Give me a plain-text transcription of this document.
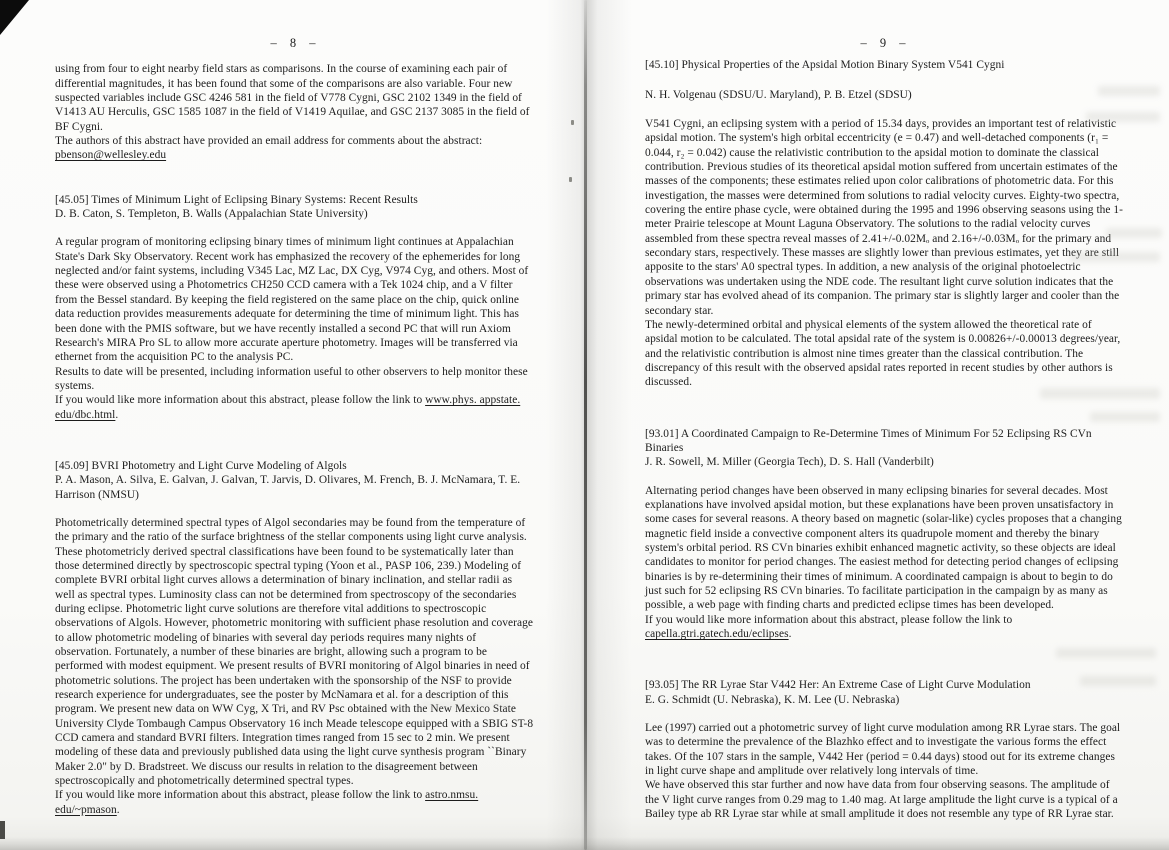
– 8 –

using from four to eight nearby field stars as comparisons. In the course of examining each pair of differential magnitudes, it has been found that some of the comparisons are also variable. Four new suspected variables include GSC 4246 581 in the field of V778 Cygni, GSC 2102 1349 in the field of V1413 AU Herculis, GSC 1585 1087 in the field of V1419 Aquilae, and GSC 2137 3085 in the field of BF Cygni.

The authors of this abstract have provided an email address for comments about the abstract:

pbenson@wellesley.edu

[45.05] Times of Minimum Light of Eclipsing Binary Systems: Recent Results

D. B. Caton, S. Templeton, B. Walls (Appalachian State University)

A regular program of monitoring eclipsing binary times of minimum light continues at Appalachian State's Dark Sky Observatory. Recent work has emphasized the recovery of the ephemerides for long neglected and/or faint systems, including V345 Lac, MZ Lac, DX Cyg, V974 Cyg, and others. Most of these were observed using a Photometrics CH250 CCD camera with a Tek 1024 chip, and a V filter from the Bessel standard. By keeping the field registered on the same place on the chip, quick online data reduction provides measurements adequate for determining the time of minimum light. This has been done with the PMIS software, but we have recently installed a second PC that will run Axiom Research's MIRA Pro SL to allow more accurate aperture photometry. Images will be transferred via ethernet from the acquisition PC to the analysis PC.

Results to date will be presented, including information useful to other observers to help monitor these systems.

If you would like more information about this abstract, please follow the link to www.phys. appstate. edu/dbc.html.

[45.09] BVRI Photometry and Light Curve Modeling of Algols

P. A. Mason, A. Silva, E. Galvan, J. Galvan, T. Jarvis, D. Olivares, M. French, B. J. McNamara, T. E. Harrison (NMSU)

Photometrically determined spectral types of Algol secondaries may be found from the temperature of the primary and the ratio of the surface brightness of the stellar components using light curve analysis. These photometricly derived spectral classifications have been found to be systematically later than those determined directly by spectroscopic spectral typing (Yoon et al., PASP 106, 239.) Modeling of complete BVRI orbital light curves allows a determination of binary inclination, and stellar radii as well as spectral types. Luminosity class can not be determined from spectroscopy of the secondaries during eclipse. Photometric light curve solutions are therefore vital additions to spectroscopic observations of Algols. However, photometric monitoring with sufficient phase resolution and coverage to allow photometric modeling of binaries with several day periods requires many nights of observation. Fortunately, a number of these binaries are bright, allowing such a program to be performed with modest equipment. We present results of BVRI monitoring of Algol binaries in need of photometric solutions. The project has been undertaken with the sponsorship of the NSF to provide research experience for undergraduates, see the poster by McNamara et al. for a description of this program. We present new data on WW Cyg, X Tri, and RV Psc obtained with the New Mexico State University Clyde Tombaugh Campus Observatory 16 inch Meade telescope equipped with a SBIG ST-8 CCD camera and standard BVRI filters. Integration times ranged from 15 sec to 2 min. We present modeling of these data and previously published data using the light curve synthesis program ``Binary Maker 2.0" by D. Bradstreet. We discuss our results in relation to the disagreement between spectroscopically and photometrically determined spectral types.

If you would like more information about this abstract, please follow the link to astro.nmsu. edu/~pmason.

– 9 –

[45.10] Physical Properties of the Apsidal Motion Binary System V541 Cygni

N. H. Volgenau (SDSU/U. Maryland), P. B. Etzel (SDSU)

V541 Cygni, an eclipsing system with a period of 15.34 days, provides an important test of relativistic apsidal motion. The system's high orbital eccentricity (e = 0.47) and well-detached components (r₁ = 0.044, r₂ = 0.042) cause the relativistic contribution to the apsidal motion to dominate the classical contribution. Previous studies of its theoretical apsidal motion suffered from uncertain estimates of the masses of the components; these estimates relied upon color calibrations of photometric data. For this investigation, the masses were determined from solutions to radial velocity curves. Eighty-two spectra, covering the entire phase cycle, were obtained during the 1995 and 1996 observing seasons using the 1-meter Prairie telescope at Mount Laguna Observatory. The solutions to the radial velocity curves assembled from these spectra reveal masses of 2.41+/-0.02Mₒ and 2.16+/-0.03Mₒ for the primary and secondary stars, respectively. These masses are slightly lower than previous estimates, yet they are still apposite to the stars' A0 spectral types. In addition, a new analysis of the original photoelectric observations was undertaken using the NDE code. The resultant light curve solution indicates that the primary star has evolved ahead of its companion. The primary star is slightly larger and cooler than the secondary star.

The newly-determined orbital and physical elements of the system allowed the theoretical rate of apsidal motion to be calculated. The total apsidal rate of the system is 0.00826+/-0.00013 degrees/year, and the relativistic contribution is almost nine times greater than the classical contribution. The discrepancy of this result with the observed apsidal rates reported in recent studies by other authors is discussed.

[93.01] A Coordinated Campaign to Re-Determine Times of Minimum For 52 Eclipsing RS CVn Binaries

J. R. Sowell, M. Miller (Georgia Tech), D. S. Hall (Vanderbilt)

Alternating period changes have been observed in many eclipsing binaries for several decades. Most explanations have involved apsidal motion, but these explanations have been proven unsatisfactory in some cases for several reasons. A theory based on magnetic (solar-like) cycles proposes that a changing magnetic field inside a convective component alters its quadrupole moment and thereby the binary system's orbital period. RS CVn binaries exhibit enhanced magnetic activity, so these objects are ideal candidates to monitor for period changes. The easiest method for detecting period changes of eclipsing binaries is by re-determining their times of minimum. A coordinated campaign is about to begin to do just such for 52 eclipsing RS CVn binaries. To facilitate participation in the campaign by as many as possible, a web page with finding charts and predicted eclipse times has been developed.

If you would like more information about this abstract, please follow the link to capella.gtri.gatech.edu/eclipses.

[93.05] The RR Lyrae Star V442 Her: An Extreme Case of Light Curve Modulation

E. G. Schmidt (U. Nebraska), K. M. Lee (U. Nebraska)

Lee (1997) carried out a photometric survey of light curve modulation among RR Lyrae stars. The goal was to determine the prevalence of the Blazhko effect and to investigate the various forms the effect takes. Of the 107 stars in the sample, V442 Her (period = 0.44 days) stood out for its extreme changes in light curve shape and amplitude over relatively long intervals of time.

We have observed this star further and now have data from four observing seasons. The amplitude of the V light curve ranges from 0.29 mag to 1.40 mag. At large amplitude the light curve is a typical of a Bailey type ab RR Lyrae star while at small amplitude it does not resemble any type of RR Lyrae star.
